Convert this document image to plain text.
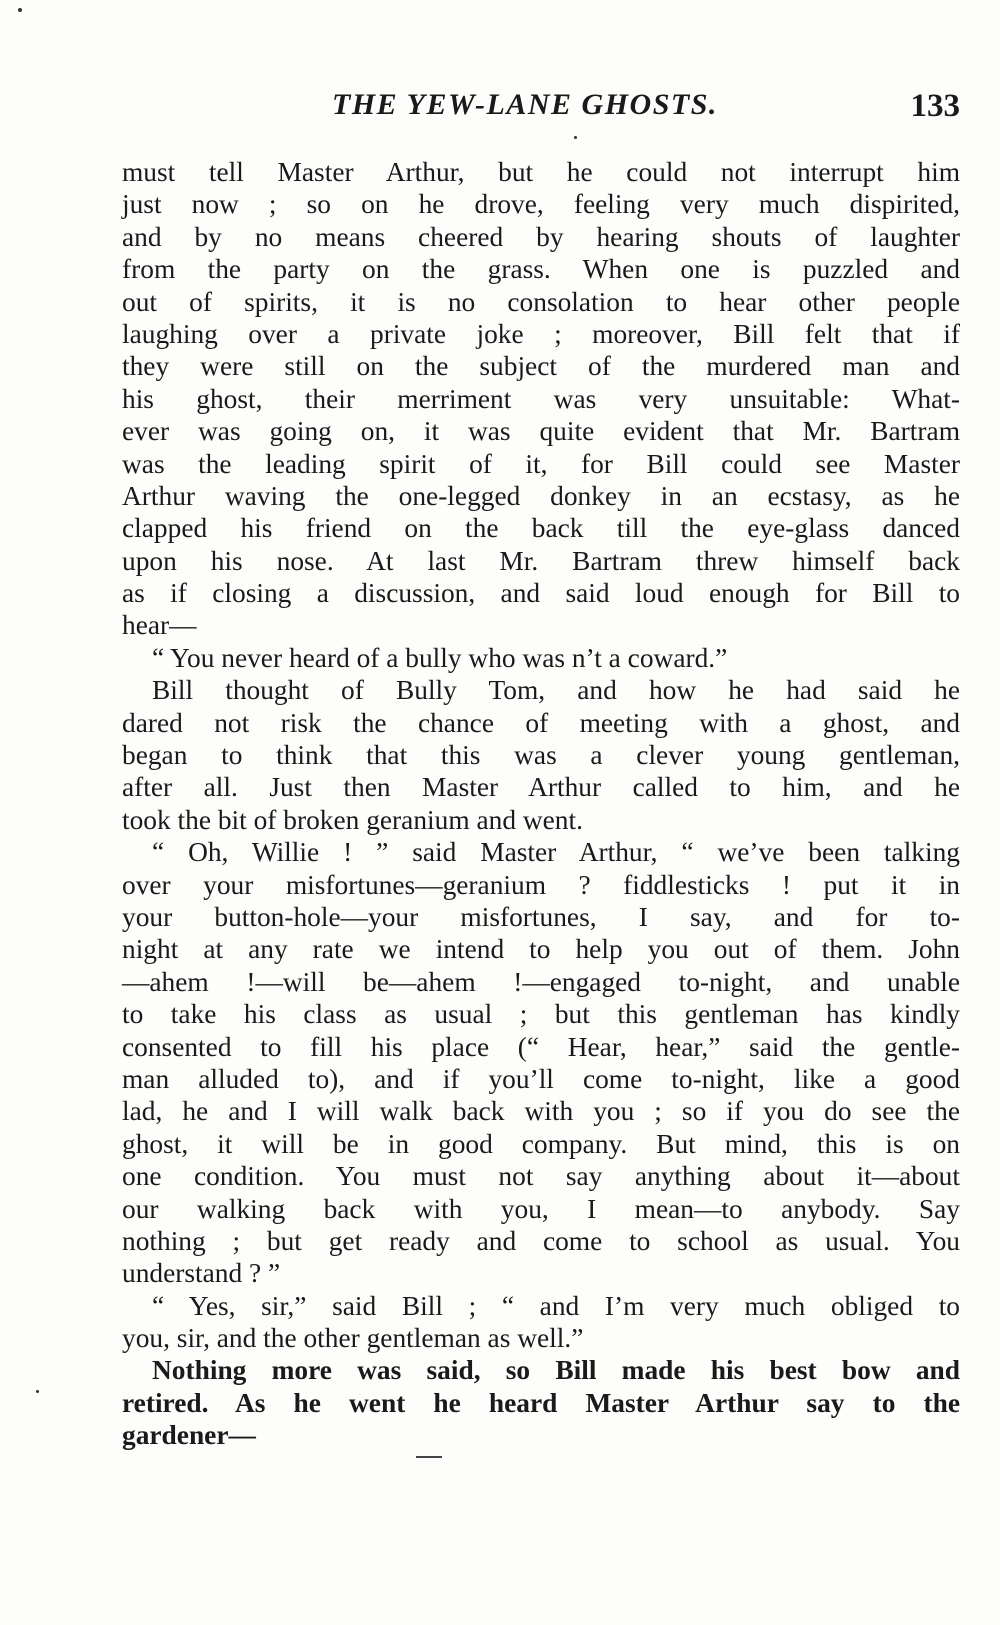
THE YEW-LANE GHOSTS.	133
must tell Master Arthur, but he could not interrupt him
just now ; so on he drove, feeling very much dispirited,
and by no means cheered by hearing shouts of laughter
from the party on the grass. When one is puzzled and
out of spirits, it is no consolation to hear other people
laughing over a private joke ; moreover, Bill felt that if
they were still on the subject of the murdered man and
his ghost, their merriment was very unsuitable: What-
ever was going on, it was quite evident that Mr. Bartram
was the leading spirit of it, for Bill could see Master
Arthur waving the one-legged donkey in an ecstasy, as he
clapped his friend on the back till the eye-glass danced
upon his nose. At last Mr. Bartram threw himself back
as if closing a discussion, and said loud enough for Bill to
hear—
“ You never heard of a bully who was n’t a coward.”
Bill thought of Bully Tom, and how he had said he
dared not risk the chance of meeting with a ghost, and
began to think that this was a clever young gentleman,
after all. Just then Master Arthur called to him, and he
took the bit of broken geranium and went.
“ Oh, Willie ! ” said Master Arthur, “ we’ve been talking
over your misfortunes—geranium ? fiddlesticks ! put it in
your button-hole—your misfortunes, I say, and for to-
night at any rate we intend to help you out of them. John
—ahem !—will be—ahem !—engaged to-night, and unable
to take his class as usual ; but this gentleman has kindly
consented to fill his place (“ Hear, hear,” said the gentle-
man alluded to), and if you’ll come to-night, like a good
lad, he and I will walk back with you ; so if you do see the
ghost, it will be in good company. But mind, this is on
one condition. You must not say anything about it—about
our walking back with you, I mean—to anybody. Say
nothing ; but get ready and come to school as usual. You
understand ? ”
“ Yes, sir,” said Bill ; “ and I’m very much obliged to
you, sir, and the other gentleman as well.”
Nothing more was said, so Bill made his best bow and
retired. As he went he heard Master Arthur say to the
gardener—
